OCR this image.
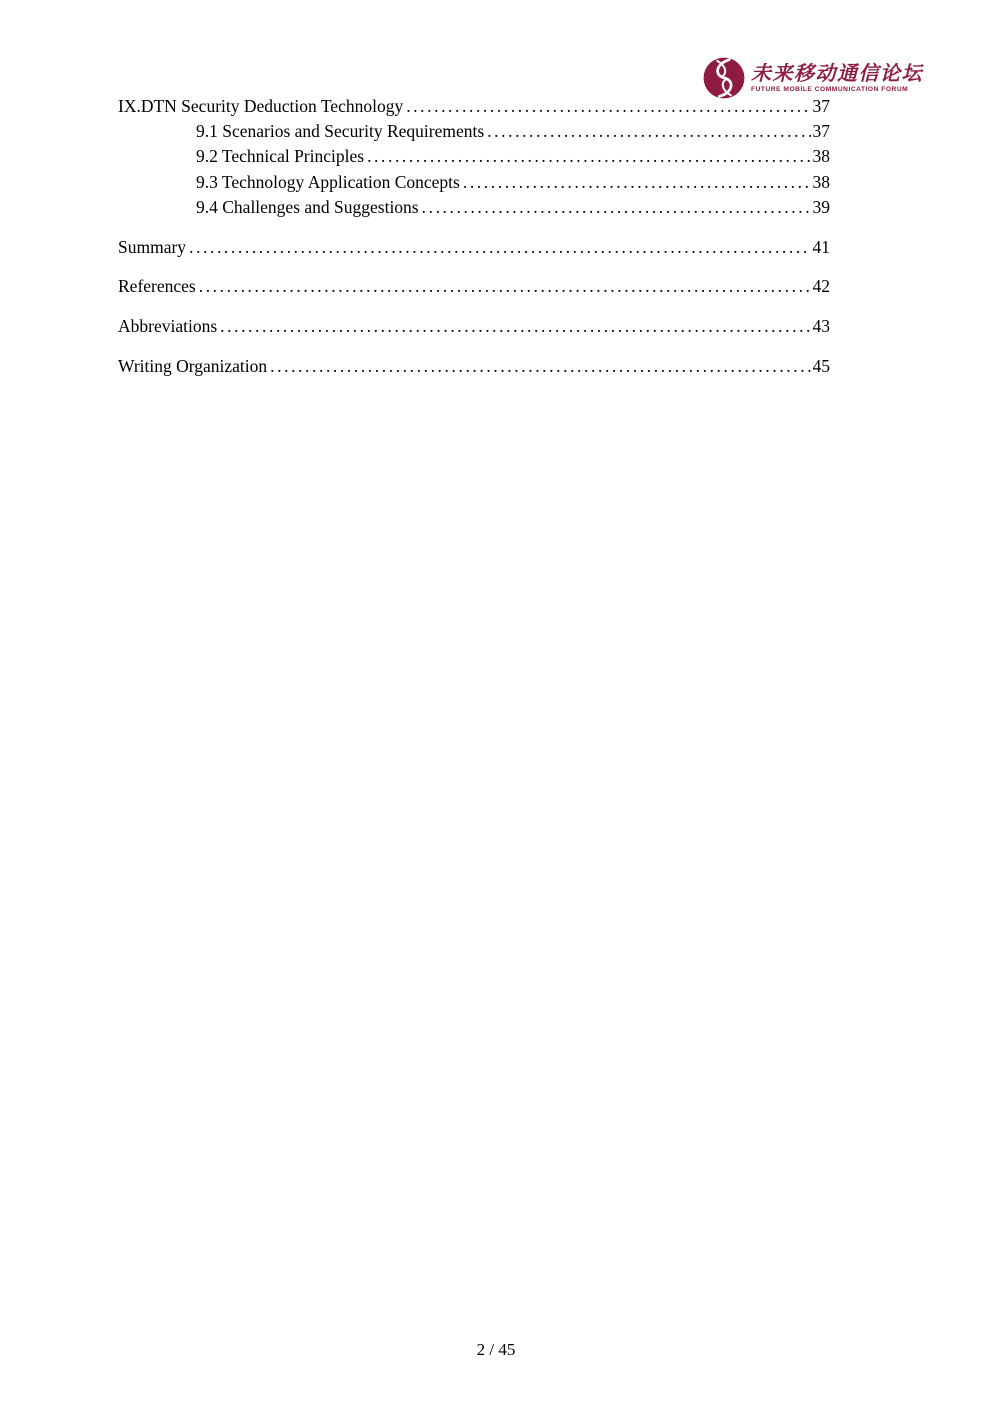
未来移动通信论坛
FUTURE MOBILE COMMUNICATION FORUM
IX.DTN Security Deduction Technology .....	37
9.1 Scenarios and Security Requirements .....	37
9.2 Technical Principles .....	38
9.3 Technology Application Concepts .....	38
9.4 Challenges and Suggestions .....	39
Summary .....	41
References .....	42
Abbreviations .....	43
Writing Organization .....	45
2 / 45
